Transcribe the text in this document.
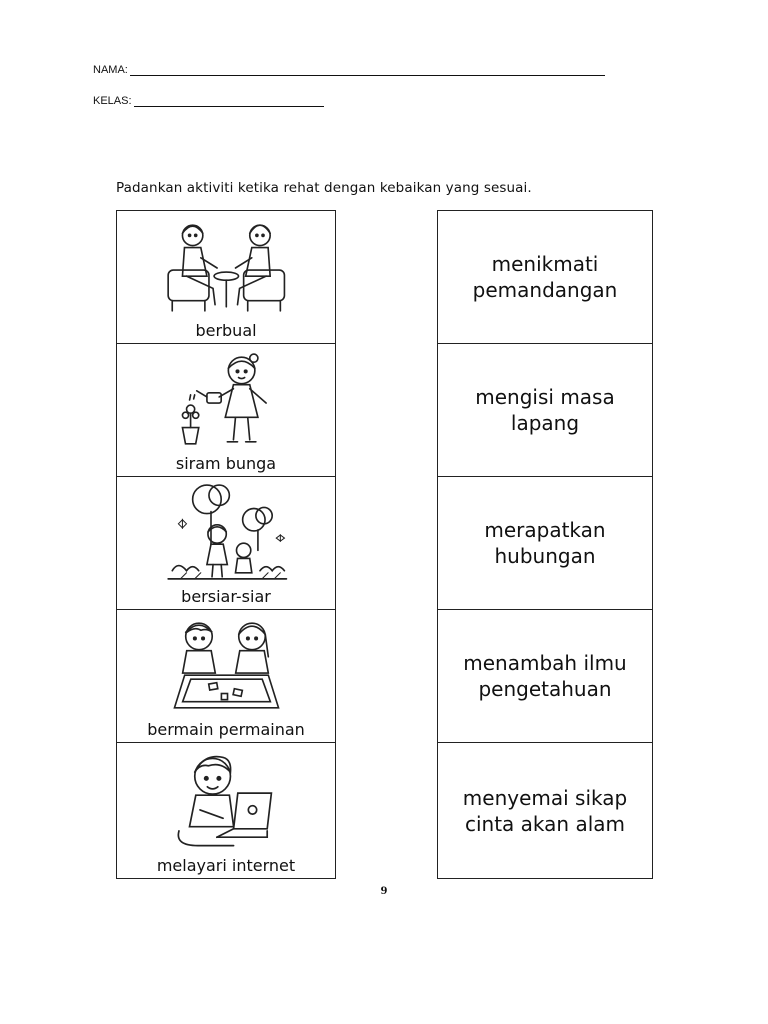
NAMA:
KELAS:
Padankan aktiviti ketika rehat dengan kebaikan yang sesuai.
berbual
siram bunga
bersiar-siar
bermain permainan
melayari internet
menikmati
pemandangan
mengisi masa
lapang
merapatkan
hubungan
menambah ilmu
pengetahuan
menyemai sikap
cinta akan alam
9
